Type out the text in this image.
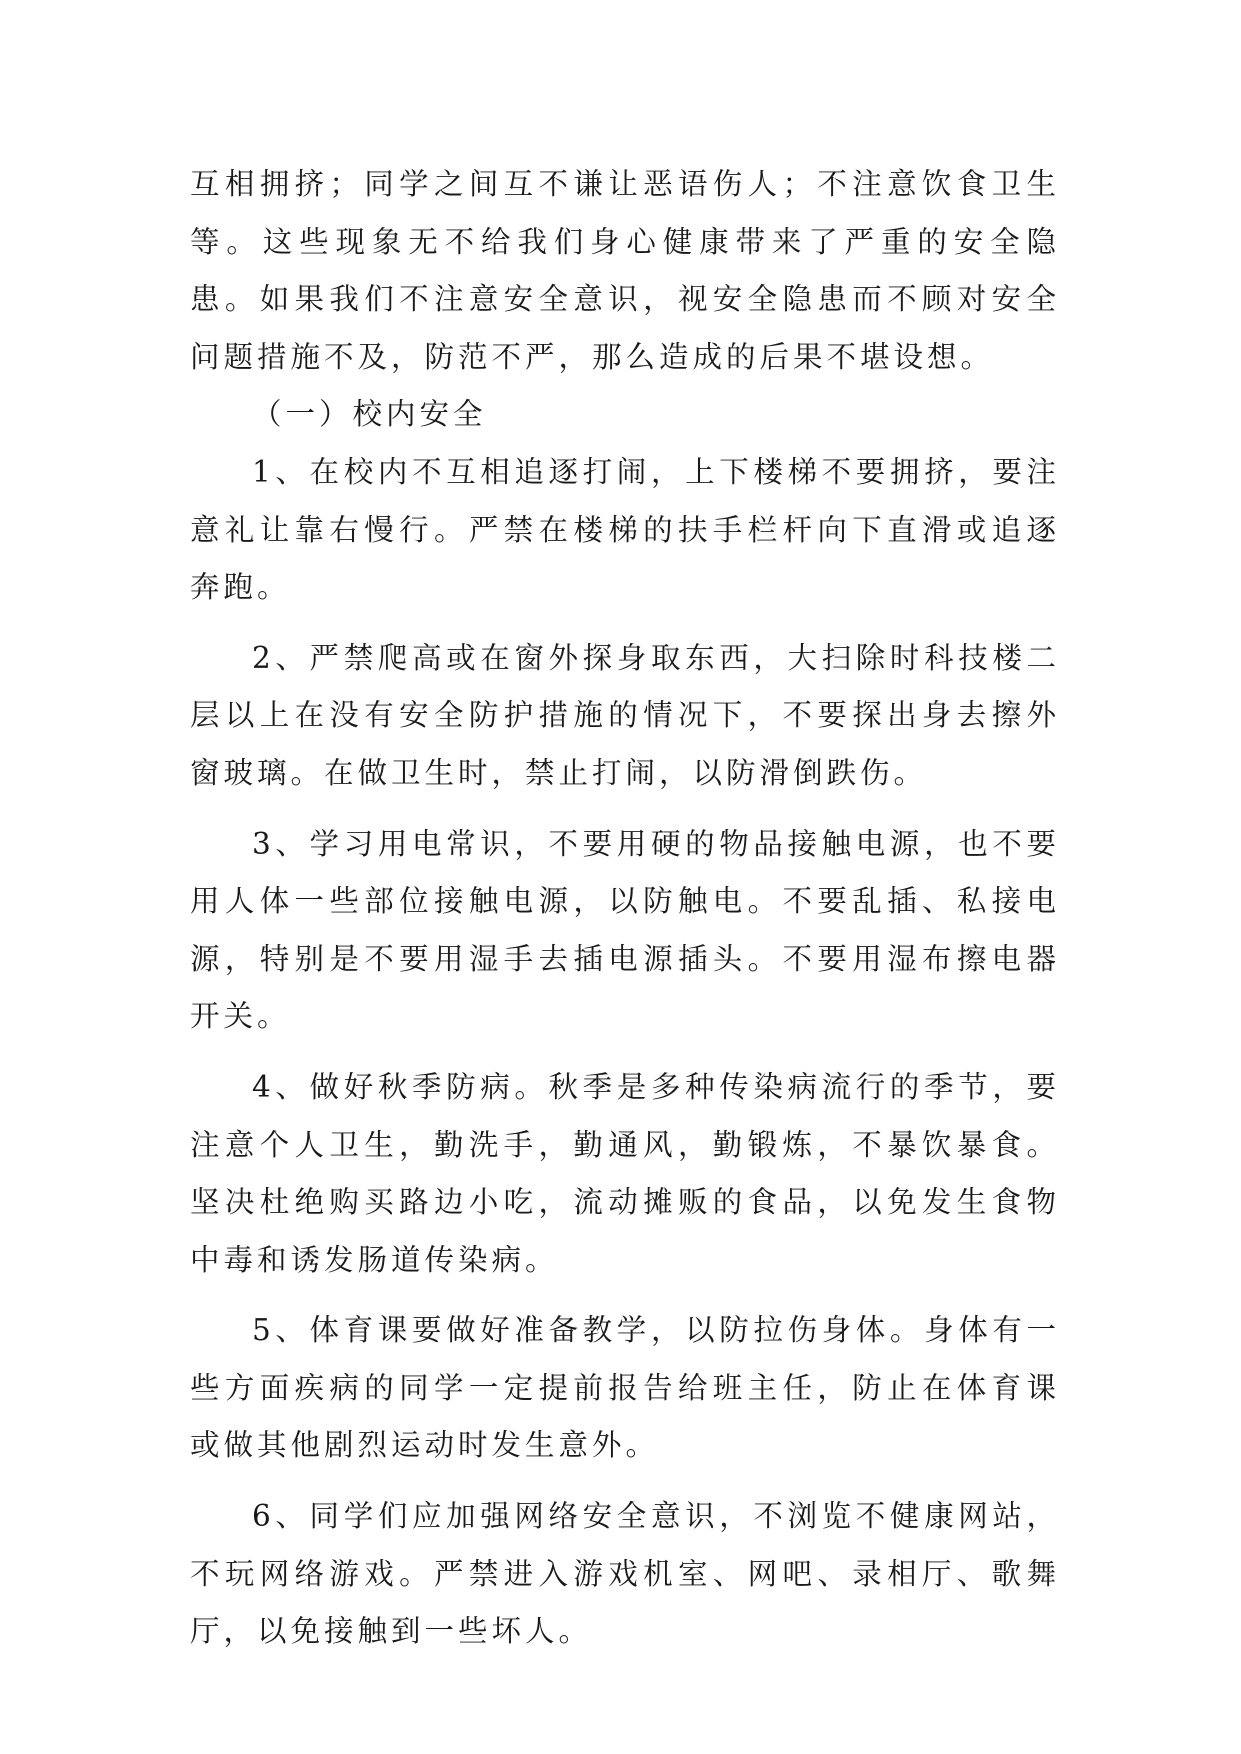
互相拥挤；同学之间互不谦让恶语伤人；不注意饮食卫生等。这些现象无不给我们身心健康带来了严重的安全隐患。如果我们不注意安全意识，视安全隐患而不顾对安全问题措施不及，防范不严，那么造成的后果不堪设想。

（一）校内安全

1、在校内不互相追逐打闹，上下楼梯不要拥挤，要注意礼让靠右慢行。严禁在楼梯的扶手栏杆向下直滑或追逐奔跑。

2、严禁爬高或在窗外探身取东西，大扫除时科技楼二层以上在没有安全防护措施的情况下，不要探出身去擦外窗玻璃。在做卫生时，禁止打闹，以防滑倒跌伤。

3、学习用电常识，不要用硬的物品接触电源，也不要用人体一些部位接触电源，以防触电。不要乱插、私接电源，特别是不要用湿手去插电源插头。不要用湿布擦电器开关。

4、做好秋季防病。秋季是多种传染病流行的季节，要注意个人卫生，勤洗手，勤通风，勤锻炼，不暴饮暴食。坚决杜绝购买路边小吃，流动摊贩的食品，以免发生食物中毒和诱发肠道传染病。

5、体育课要做好准备教学，以防拉伤身体。身体有一些方面疾病的同学一定提前报告给班主任，防止在体育课或做其他剧烈运动时发生意外。

6、同学们应加强网络安全意识，不浏览不健康网站，不玩网络游戏。严禁进入游戏机室、网吧、录相厅、歌舞厅，以免接触到一些坏人。
